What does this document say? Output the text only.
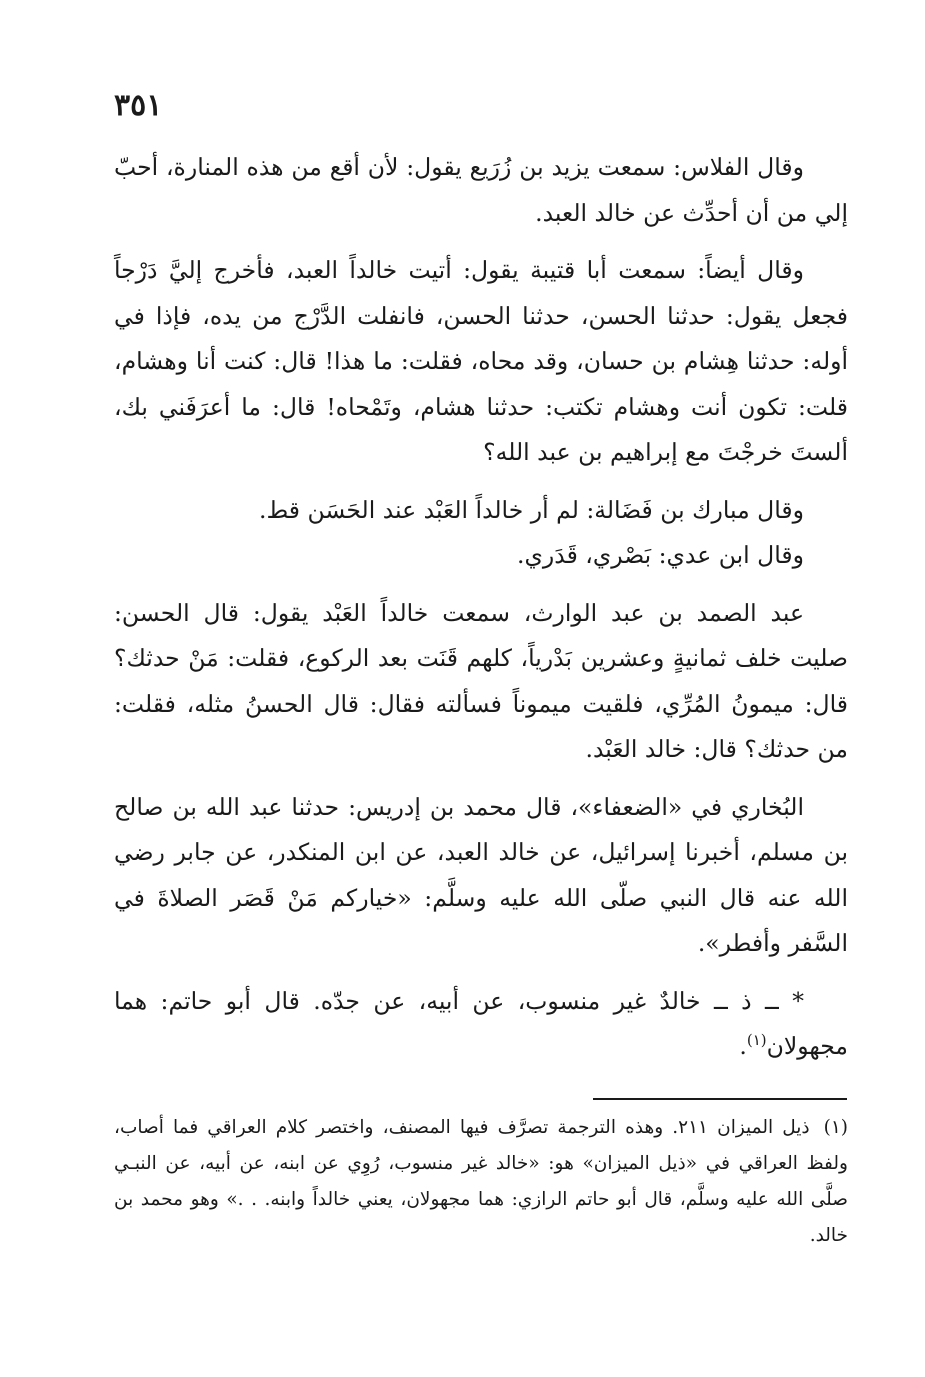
٣٥١

وقال الفلاس: سمعت يزيد بن زُرَيع يقول: لأن أقع من هذه المنارة، أحبّ إلي من أن أحدِّث عن خالد العبد.

وقال أيضاً: سمعت أبا قتيبة يقول: أتيت خالداً العبد، فأخرج إليَّ دَرْجاً فجعل يقول: حدثنا الحسن، حدثنا الحسن، فانفلت الدَّرْج من يده، فإذا في أوله: حدثنا هِشام بن حسان، وقد محاه، فقلت: ما هذا! قال: كنت أنا وهشام، قلت: تكون أنت وهشام تكتب: حدثنا هشام، وتَمْحاه! قال: ما أعرَفَني بك، ألستَ خرجْتَ مع إبراهيم بن عبد الله؟

وقال مبارك بن فَضَالة: لم أر خالداً العَبْد عند الحَسَن قط.

وقال ابن عدي: بَصْري، قَدَري.

عبد الصمد بن عبد الوارث، سمعت خالداً العَبْد يقول: قال الحسن: صليت خلف ثمانيةٍ وعشرين بَدْرياً، كلهم قَنَت بعد الركوع، فقلت: مَنْ حدثك؟ قال: ميمونُ المُرِّي، فلقيت ميموناً فسألته فقال: قال الحسنُ مثله، فقلت: من حدثك؟ قال: خالد العَبْد.

البُخاري في «الضعفاء»، قال محمد بن إدريس: حدثنا عبد الله بن صالح بن مسلم، أخبرنا إسرائيل، عن خالد العبد، عن ابن المنكدر، عن جابر رضي الله عنه قال النبي صلّى الله عليه وسلَّم: «خياركم مَنْ قَصَر الصلاةَ في السَّفر وأفطر».

* ــ ذ ــ خالدٌ غير منسوب، عن أبيه، عن جدّه. قال أبو حاتم: هما مجهولان$^{(١)}$.

(١)ذيل الميزان ٢١١. وهذه الترجمة تصرَّف فيها المصنف، واختصر كلام العراقي فما أصاب، ولفظ العراقي في «ذيل الميزان» هو: «خالد غير منسوب، رُوِي عن ابنه، عن أبيه، عن النبـي صلَّى الله عليه وسلَّم، قال أبو حاتم الرازي: هما مجهولان، يعني خالداً وابنه. . .» وهو محمد بن خالد.
